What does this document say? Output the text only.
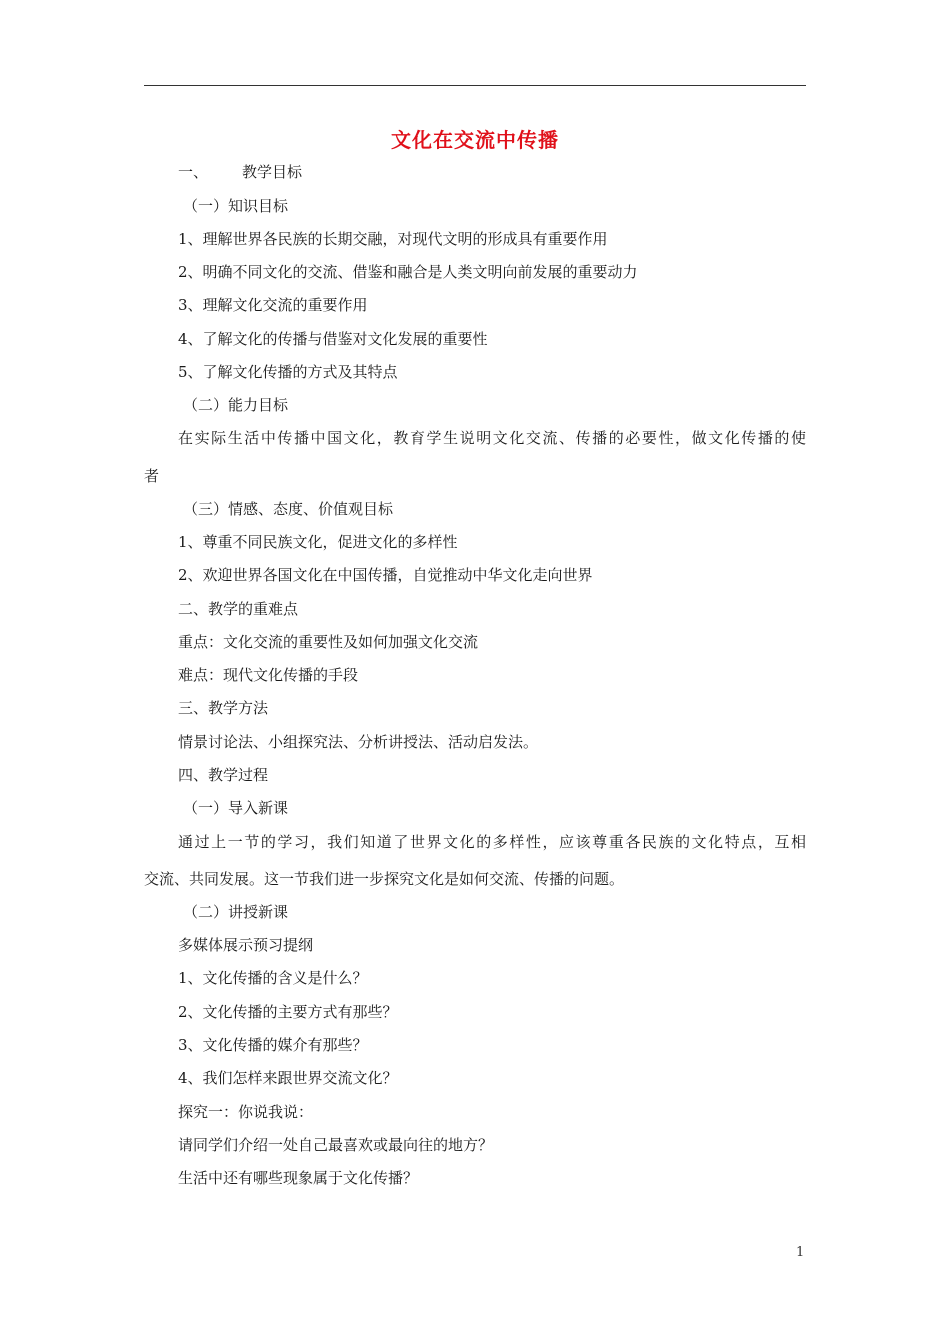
文化在交流中传播
一、 教学目标
（一）知识目标
1、理解世界各民族的长期交融，对现代文明的形成具有重要作用
2、明确不同文化的交流、借鉴和融合是人类文明向前发展的重要动力
3、理解文化交流的重要作用
4、了解文化的传播与借鉴对文化发展的重要性
5、了解文化传播的方式及其特点
（二）能力目标
在实际生活中传播中国文化，教育学生说明文化交流、传播的必要性，做文化传播的使
者
（三）情感、态度、价值观目标
1、尊重不同民族文化，促进文化的多样性
2、欢迎世界各国文化在中国传播，自觉推动中华文化走向世界
二、教学的重难点
重点：文化交流的重要性及如何加强文化交流
难点：现代文化传播的手段
三、教学方法
情景讨论法、小组探究法、分析讲授法、活动启发法。
四、教学过程
（一）导入新课
通过上一节的学习，我们知道了世界文化的多样性，应该尊重各民族的文化特点，互相
交流、共同发展。这一节我们进一步探究文化是如何交流、传播的问题。
（二）讲授新课
多媒体展示预习提纲
1、文化传播的含义是什么？
2、文化传播的主要方式有那些？
3、文化传播的媒介有那些？
4、我们怎样来跟世界交流文化？
探究一：你说我说：
请同学们介绍一处自己最喜欢或最向往的地方？
生活中还有哪些现象属于文化传播？
1
